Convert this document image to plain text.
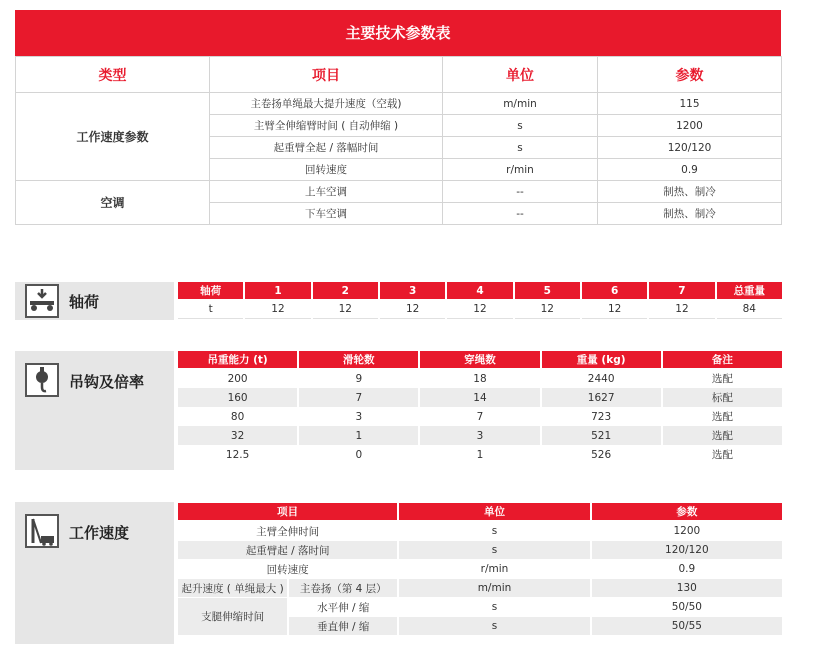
主要技术参数表
类型	项目	单位	参数
工作速度参数	主卷扬单绳最大提升速度（空载)	m/min	115
	主臂全伸缩臂时间 ( 自动伸缩 )	s	1200
	起重臂全起 / 落幅时间	s	120/120
	回转速度	r/min	0.9
空调	上车空调	--	制热、制冷
	下车空调	--	制热、制冷
轴荷
轴荷	1	2	3	4	5	6	7	总重量
t	12	12	12	12	12	12	12	84
吊钩及倍率
吊重能力 (t)	滑轮数	穿绳数	重量 (kg)	备注
200	9	18	2440	选配
160	7	14	1627	标配
80	3	7	723	选配
32	1	3	521	选配
12.5	0	1	526	选配
工作速度
项目		单位	参数
主臂全伸时间		s	1200
起重臂起 / 落时间		s	120/120
回转速度		r/min	0.9
起升速度 ( 单绳最大 )	主卷扬（第 4 层）	m/min	130
支腿伸缩时间	水平伸 / 缩	s	50/50
	垂直伸 / 缩	s	50/55
